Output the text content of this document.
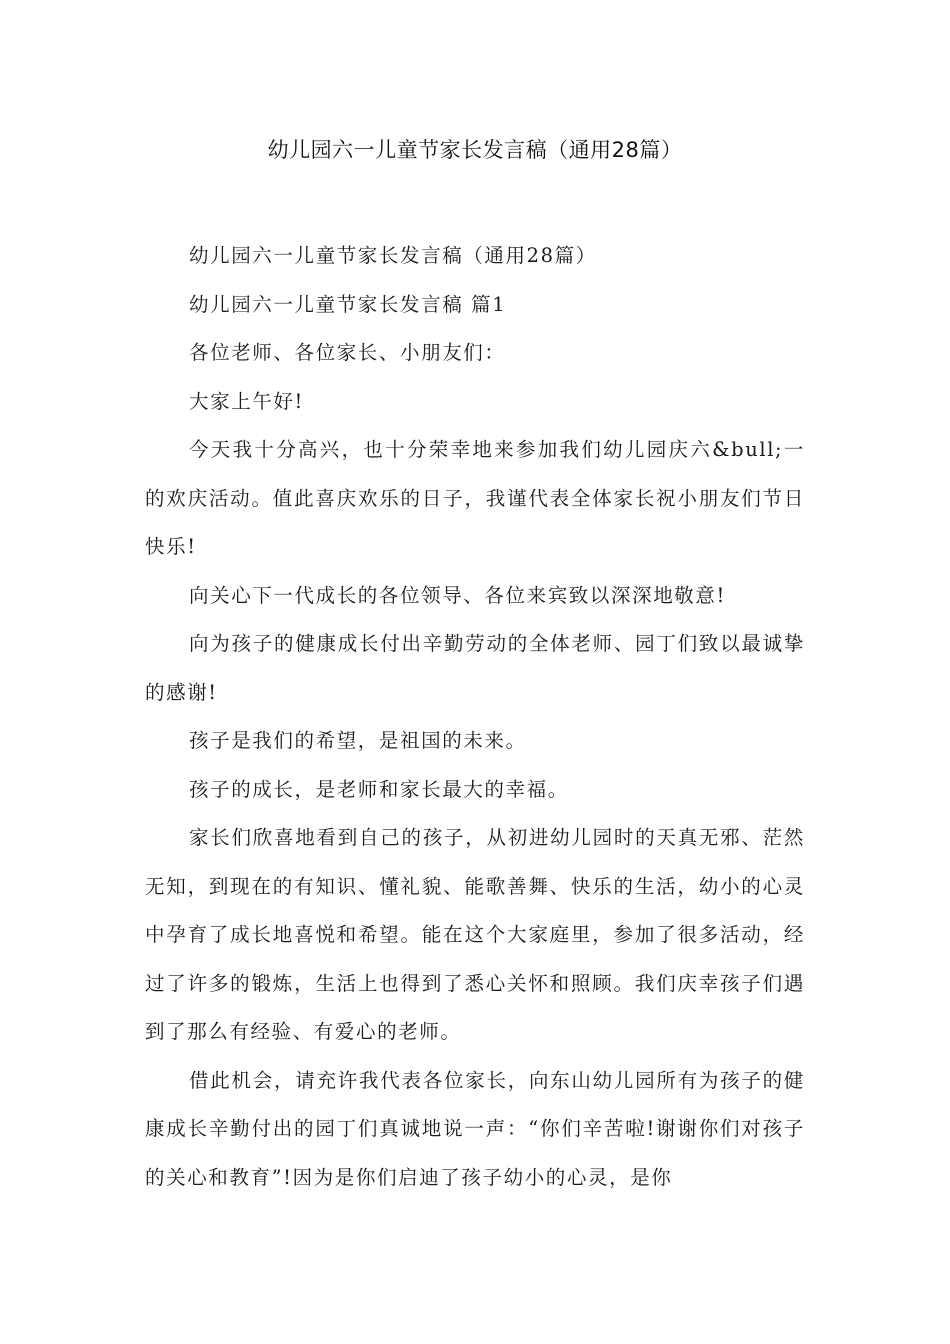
幼儿园六一儿童节家长发言稿（通用28篇）

幼儿园六一儿童节家长发言稿（通用28篇）

幼儿园六一儿童节家长发言稿 篇1

各位老师、各位家长、小朋友们：

大家上午好!

今天我十分高兴，也十分荣幸地来参加我们幼儿园庆六&bull;一的欢庆活动。值此喜庆欢乐的日子，我谨代表全体家长祝小朋友们节日快乐!

向关心下一代成长的各位领导、各位来宾致以深深地敬意!

向为孩子的健康成长付出辛勤劳动的全体老师、园丁们致以最诚挚的感谢!

孩子是我们的希望，是祖国的未来。

孩子的成长，是老师和家长最大的幸福。

家长们欣喜地看到自己的孩子，从初进幼儿园时的天真无邪、茫然无知，到现在的有知识、懂礼貌、能歌善舞、快乐的生活，幼小的心灵中孕育了成长地喜悦和希望。能在这个大家庭里，参加了很多活动，经过了许多的锻炼，生活上也得到了悉心关怀和照顾。我们庆幸孩子们遇到了那么有经验、有爱心的老师。

借此机会，请充许我代表各位家长，向东山幼儿园所有为孩子的健康成长辛勤付出的园丁们真诚地说一声：“你们辛苦啦!谢谢你们对孩子的关心和教育”!因为是你们启迪了孩子幼小的心灵，是你
